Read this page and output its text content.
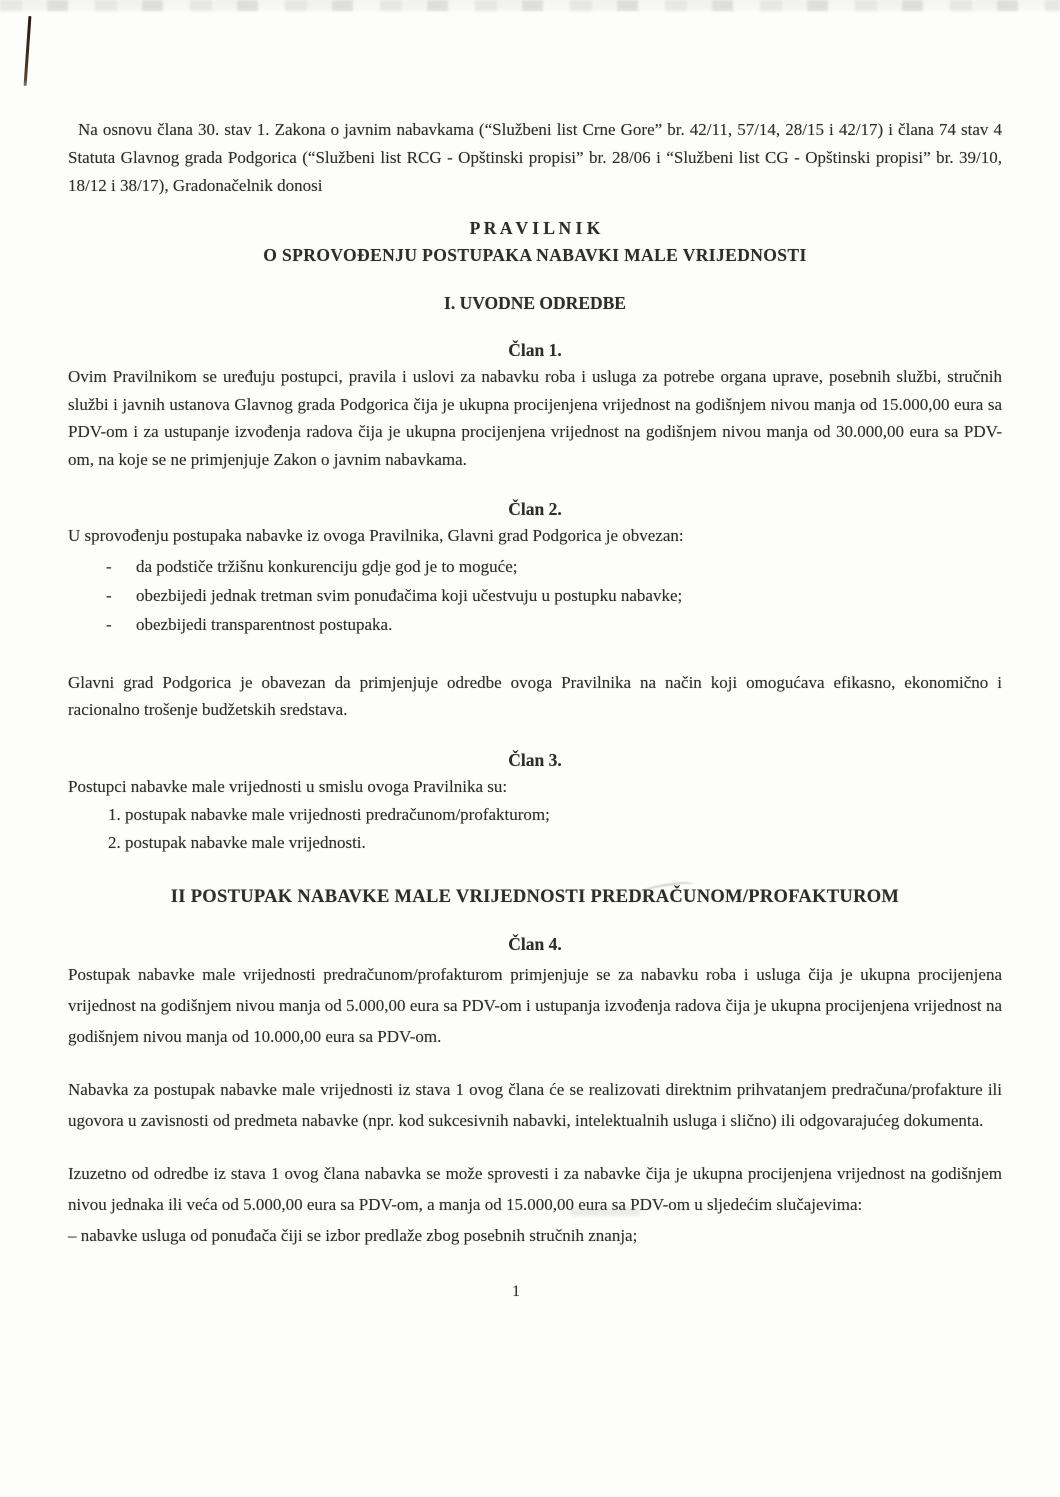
Na osnovu člana 30. stav 1. Zakona o javnim nabavkama (“Službeni list Crne Gore” br. 42/11, 57/14, 28/15 i 42/17) i člana 74 stav 4 Statuta Glavnog grada Podgorica (“Službeni list RCG - Opštinski propisi” br. 28/06 i “Službeni list CG - Opštinski propisi” br. 39/10, 18/12 i 38/17), Gradonačelnik donosi

P R A V I L N I K
O SPROVOĐENJU POSTUPAKA NABAVKI MALE VRIJEDNOSTI
I. UVODNE ODREDBE
Član 1.

Ovim Pravilnikom se uređuju postupci, pravila i uslovi za nabavku roba i usluga za potrebe organa uprave, posebnih službi, stručnih službi i javnih ustanova Glavnog grada Podgorica čija je ukupna procijenjena vrijednost na godišnjem nivou manja od 15.000,00 eura sa PDV-om i za ustupanje izvođenja radova čija je ukupna procijenjena vrijednost na godišnjem nivou manja od 30.000,00 eura sa PDV-om, na koje se ne primjenjuje Zakon o javnim nabavkama.

Član 2.

U sprovođenju postupaka nabavke iz ovoga Pravilnika, Glavni grad Podgorica je obvezan:

-	da podstiče tržišnu konkurenciju gdje god je to moguće;
-	obezbijedi jednak tretman svim ponuđačima koji učestvuju u postupku nabavke;
-	obezbijedi transparentnost postupaka.

Glavni grad Podgorica je obavezan da primjenjuje odredbe ovoga Pravilnika na način koji omogućava efikasno, ekonomično i racionalno trošenje budžetskih sredstava.

Član 3.

Postupci nabavke male vrijednosti u smislu ovoga Pravilnika su:

1. postupak nabavke male vrijednosti predračunom/profakturom;
2. postupak nabavke male vrijednosti.
II POSTUPAK NABAVKE MALE VRIJEDNOSTI PREDRAČUNOM/PROFAKTUROM
Član 4.

Postupak nabavke male vrijednosti predračunom/profakturom primjenjuje se za nabavku roba i usluga čija je ukupna procijenjena vrijednost na godišnjem nivou manja od 5.000,00 eura sa PDV-om i ustupanja izvođenja radova čija je ukupna procijenjena vrijednost na godišnjem nivou manja od 10.000,00 eura sa PDV-om.

Nabavka za postupak nabavke male vrijednosti iz stava 1 ovog člana će se realizovati direktnim prihvatanjem predračuna/profakture ili ugovora u zavisnosti od predmeta nabavke (npr. kod sukcesivnih nabavki, intelektualnih usluga i slično) ili odgovarajućeg dokumenta.

Izuzetno od odredbe iz stava 1 ovog člana nabavka se može sprovesti i za nabavke čija je ukupna procijenjena vrijednost na godišnjem nivou jednaka ili veća od 5.000,00 eura sa PDV-om, a manja od 15.000,00 eura sa PDV-om u sljedećim slučajevima:

– nabavke usluga od ponuđača čiji se izbor predlaže zbog posebnih stručnih znanja;

1
